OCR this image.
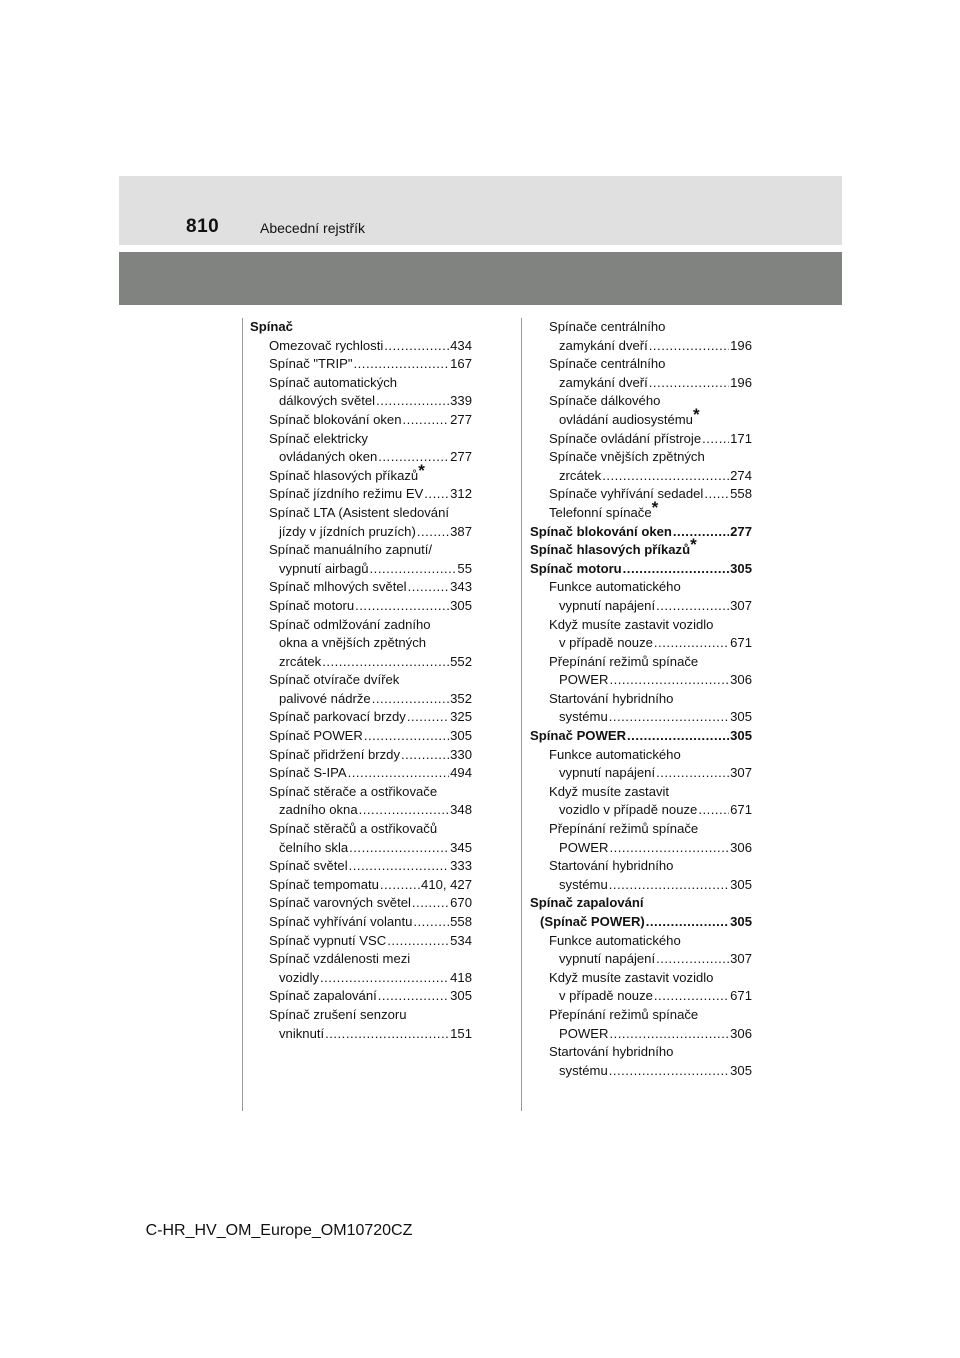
810	Abecední rejstřík
Spínač
Omezovač rychlosti .....	434
Spínač "TRIP" .....	167
Spínač automatických
dálkových světel .....	339
Spínač blokování oken .....	277
Spínač elektricky
ovládaných oken .....	277
Spínač hlasových příkazů*
Spínač jízdního režimu EV ..... 312
Spínač LTA (Asistent sledování
jízdy v jízdních pruzích) .....	387
Spínač manuálního zapnutí/
vypnutí airbagů .....	55
Spínač mlhových světel .....	343
Spínač motoru .....	305
Spínač odmlžování zadního
okna a vnějších zpětných
zrcátek .....	552
Spínač otvírače dvířek
palivové nádrže .....	352
Spínač parkovací brzdy .....	325
Spínač POWER .....	305
Spínač přidržení brzdy .....	330
Spínač S-IPA .....	494
Spínač stěrače a ostřikovače
zadního okna .....	348
Spínač stěračů a ostřikovačů
čelního skla .....	345
Spínač světel .....	333
Spínač tempomatu .....	410, 427
Spínač varovných světel .....	670
Spínač vyhřívání volantu .....	558
Spínač vypnutí VSC .....	534
Spínač vzdálenosti mezi
vozidly .....	418
Spínač zapalování .....	305
Spínač zrušení senzoru
vniknutí .....	151
Spínače centrálního
zamykání dveří .....	196
Spínače centrálního
zamykání dveří .....	196
Spínače dálkového
ovládání audiosystému*
Spínače ovládání přístroje ..... 171
Spínače vnějších zpětných
zrcátek .....	274
Spínače vyhřívání sedadel ..... 558
Telefonní spínače*
Spínač blokování oken .....	277
Spínač hlasových příkazů*
Spínač motoru .....	305
Funkce automatického
vypnutí napájení .....	307
Když musíte zastavit vozidlo
v případě nouze .....	671
Přepínání režimů spínače
POWER .....	306
Startování hybridního
systému .....	305
Spínač POWER .....	305
Funkce automatického
vypnutí napájení .....	307
Když musíte zastavit
vozidlo v případě nouze .....	671
Přepínání režimů spínače
POWER .....	306
Startování hybridního
systému .....	305
Spínač zapalování
(Spínač POWER) .....	305
Funkce automatického
vypnutí napájení .....	307
Když musíte zastavit vozidlo
v případě nouze .....	671
Přepínání režimů spínače
POWER .....	306
Startování hybridního
systému .....	305
C-HR_HV_OM_Europe_OM10720CZ
